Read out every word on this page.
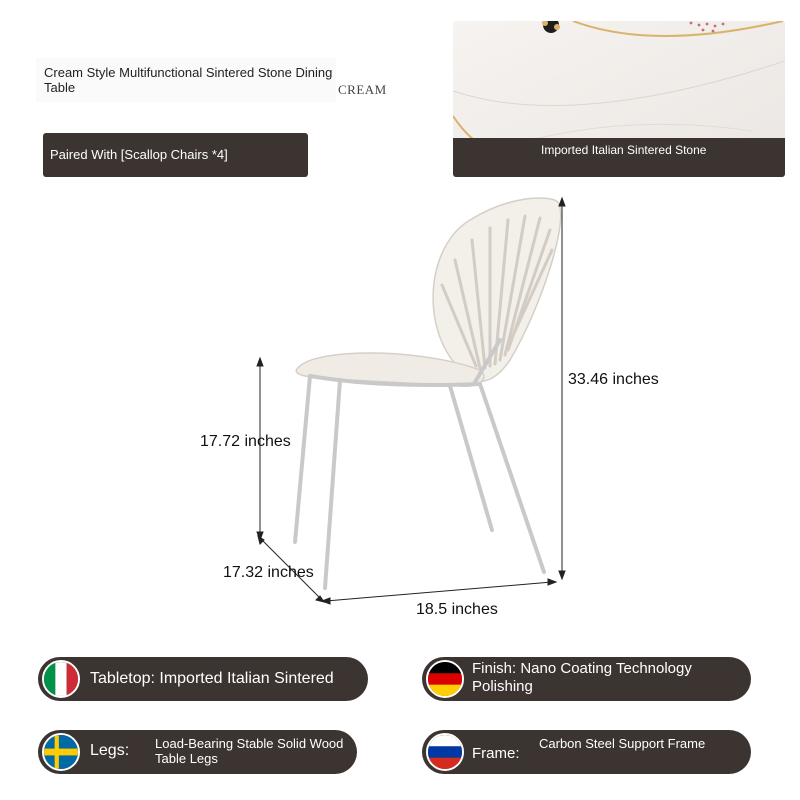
Cream Style Multifunctional Sintered Stone Dining Table	CREAM
Paired With [Scallop Chairs *4]	Imported Italian Sintered Stone
33.46 inches
17.72 inches
17.32 inches
18.5 inches
Tabletop: Imported Italian Sintered
Finish: Nano Coating Technology Polishing
Legs: Load-Bearing Stable Solid Wood Table Legs	Frame:
Carbon Steel Support Frame
